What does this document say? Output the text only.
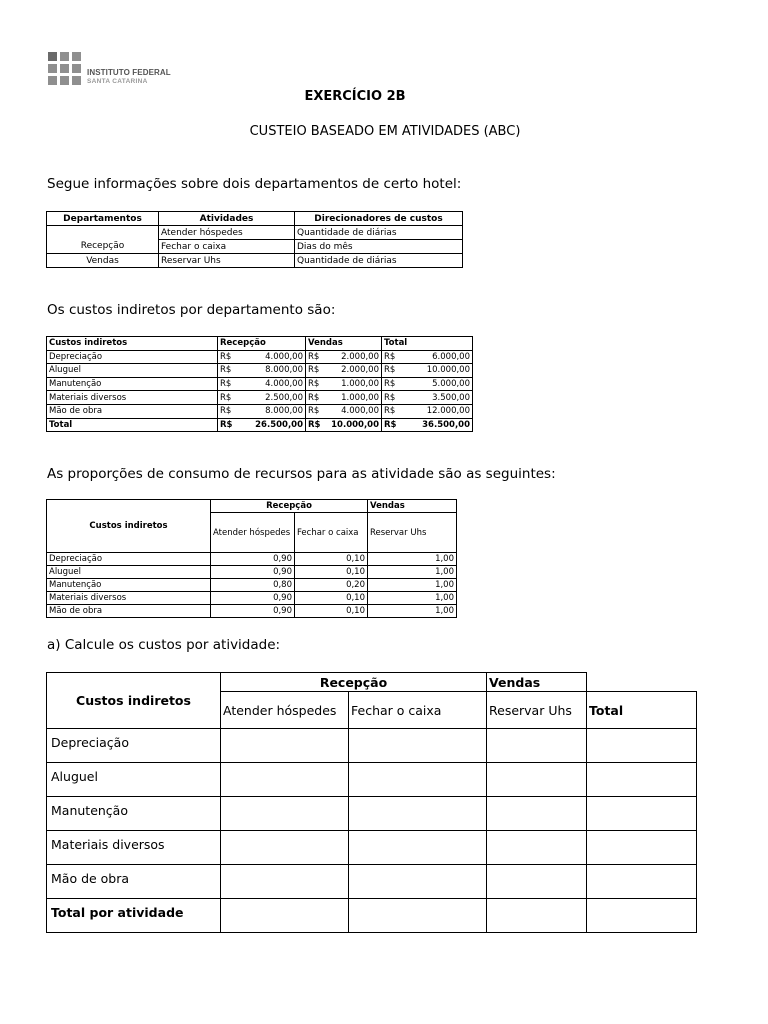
INSTITUTO FEDERAL
SANTA CATARINA
EXERCÍCIO 2B
CUSTEIO BASEADO EM ATIVIDADES (ABC)
Segue informações sobre dois departamentos de certo hotel:
Departamentos	Atividades	Direcionadores de custos
	Atender hóspedes	Quantidade de diárias
Recepção	Fechar o caixa	Dias do mês
Vendas	Reservar Uhs	Quantidade de diárias
Os custos indiretos por departamento são:
Custos indiretos	Recepção		Vendas		Total	
Depreciação	R$	4.000,00	R$	2.000,00	R$	6.000,00
Aluguel	R$	8.000,00	R$	2.000,00	R$	10.000,00
Manutenção	R$	4.000,00	R$	1.000,00	R$	5.000,00
Materiais diversos	R$	2.500,00	R$	1.000,00	R$	3.500,00
Mão de obra	R$	8.000,00	R$	4.000,00	R$	12.000,00
Total	R$	26.500,00	R$	10.000,00	R$	36.500,00
As proporções de consumo de recursos para as atividade são as seguintes:
Custos indiretos	Recepção		Vendas
	Atender hóspedes	Fechar o caixa	Reservar Uhs
Depreciação	0,90	0,10	1,00
Aluguel	0,90	0,10	1,00
Manutenção	0,80	0,20	1,00
Materiais diversos	0,90	0,10	1,00
Mão de obra	0,90	0,10	1,00
a) Calcule os custos por atividade:
Custos indiretos	Recepção		Vendas	
	Atender hóspedes	Fechar o caixa	Reservar Uhs	Total
Depreciação				
Aluguel				
Manutenção				
Materiais diversos				
Mão de obra				
Total por atividade				
